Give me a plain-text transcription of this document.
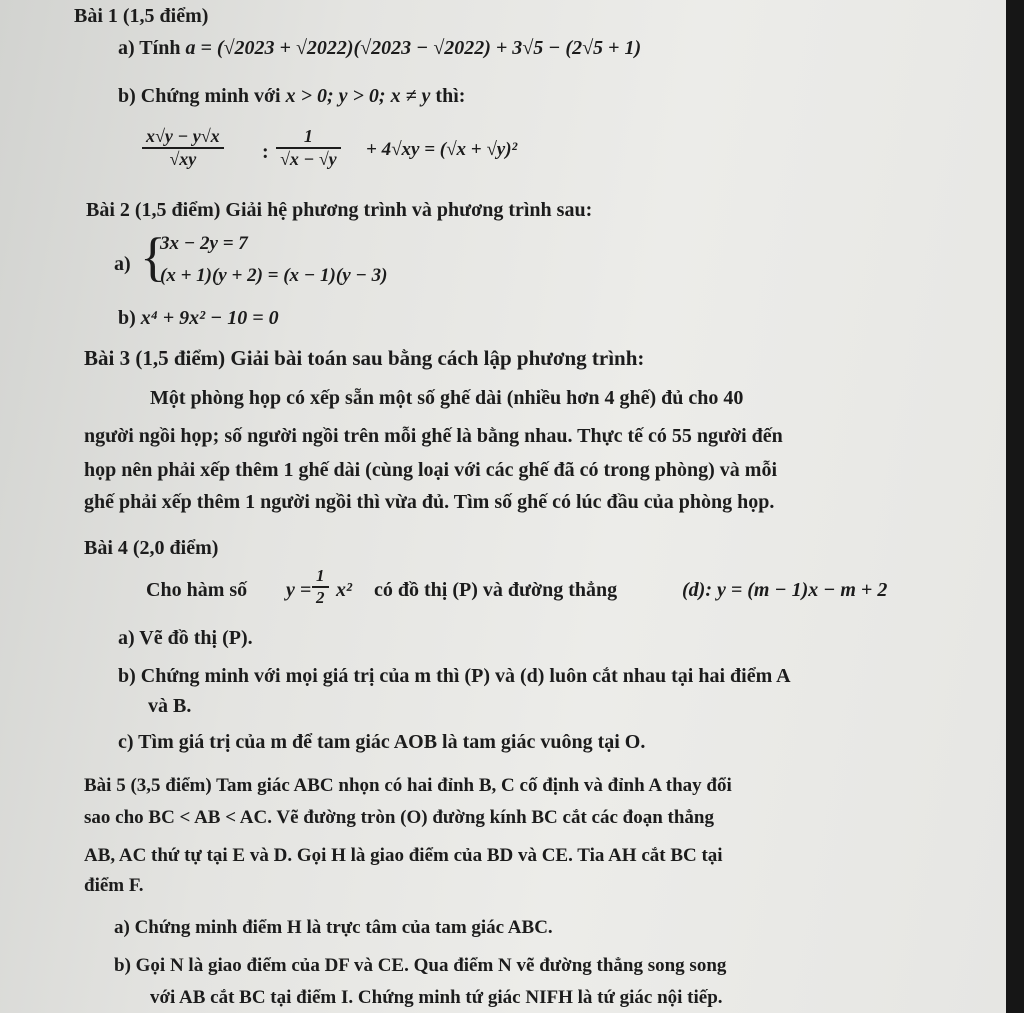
Bài 1 (1,5 điểm)
a) Tính a = (√2023 + √2022)(√2023 − √2022) + 3√5 − (2√5 + 1)
b) Chứng minh với x > 0; y > 0; x ≠ y thì:
$\frac{x√y - y√x}{√xy}$ : $\frac{1}{√x - √y} + 4√xy = (√x + √y)^2$
Bài 2 (1,5 điểm) Giải hệ phương trình và phương trình sau:
a) {
3x − 2y = 7
(x + 1)(y + 2) = (x − 1)(y − 3)
b) x⁴ + 9x² − 10 = 0
Bài 3 (1,5 điểm) Giải bài toán sau bằng cách lập phương trình:
Một phòng họp có xếp sẵn một số ghế dài (nhiều hơn 4 ghế) đủ cho 40
người ngồi họp; số người ngồi trên mỗi ghế là bằng nhau. Thực tế có 55 người đến
họp nên phải xếp thêm 1 ghế dài (cùng loại với các ghế đã có trong phòng) và mỗi
ghế phải xếp thêm 1 người ngồi thì vừa đủ. Tìm số ghế có lúc đầu của phòng họp.
Bài 4 (2,0 điểm)
Cho hàm số $y = \frac{1}{2} x^2$ có đồ thị (P) và đường thẳng	(d): y = (m − 1)x − m + 2
a) Vẽ đồ thị (P).
b) Chứng minh với mọi giá trị của m thì (P) và (d) luôn cắt nhau tại hai điểm A
và B.
c) Tìm giá trị của m để tam giác AOB là tam giác vuông tại O.
Bài 5 (3,5 điểm) Tam giác ABC nhọn có hai đỉnh B, C cố định và đỉnh A thay đổi
sao cho BC < AB < AC. Vẽ đường tròn (O) đường kính BC cắt các đoạn thẳng
AB, AC thứ tự tại E và D. Gọi H là giao điểm của BD và CE. Tia AH cắt BC tại
điểm F.
a) Chứng minh điểm H là trực tâm của tam giác ABC.
b) Gọi N là giao điểm của DF và CE. Qua điểm N vẽ đường thẳng song song
với AB cắt BC tại điểm I. Chứng minh tứ giác NIFH là tứ giác nội tiếp.
